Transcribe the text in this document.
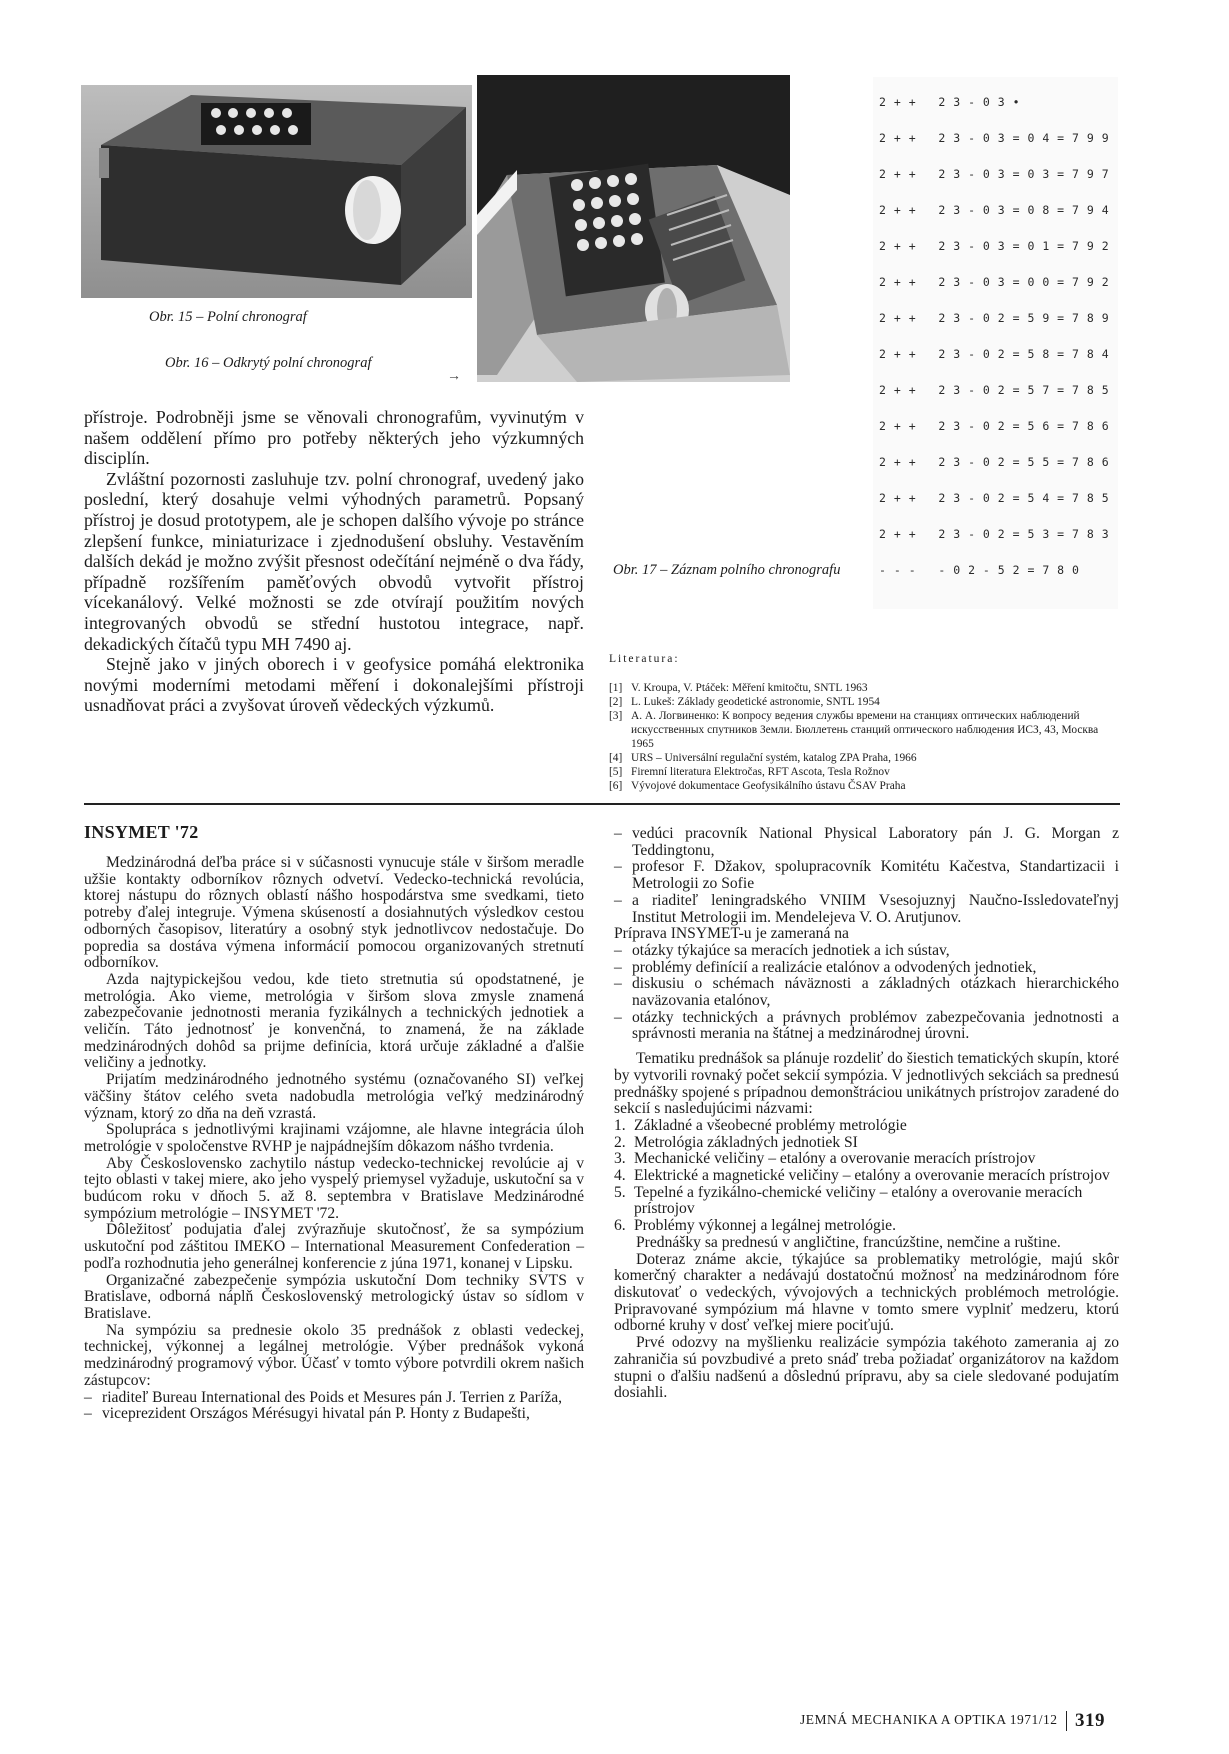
Obr. 15 – Polní chronograf
Obr. 16 – Odkrytý polní chronograf
→
2 + +   2 3 - 0 3 •
2 + +   2 3 - 0 3 = 0 4 = 7 9 9
2 + +   2 3 - 0 3 = 0 3 = 7 9 7
2 + +   2 3 - 0 3 = 0 8 = 7 9 4
2 + +   2 3 - 0 3 = 0 1 = 7 9 2
2 + +   2 3 - 0 3 = 0 0 = 7 9 2
2 + +   2 3 - 0 2 = 5 9 = 7 8 9
2 + +   2 3 - 0 2 = 5 8 = 7 8 4
2 + +   2 3 - 0 2 = 5 7 = 7 8 5
2 + +   2 3 - 0 2 = 5 6 = 7 8 6
2 + +   2 3 - 0 2 = 5 5 = 7 8 6
2 + +   2 3 - 0 2 = 5 4 = 7 8 5
2 + +   2 3 - 0 2 = 5 3 = 7 8 3
- - -   - 0 2 - 5 2 = 7 8 0
Obr. 17 – Záznam polního chronografu

přístroje. Podrobněji jsme se věnovali chronografům, vyvinutým v našem oddělení přímo pro potřeby některých jeho výzkumných disciplín.

Zvláštní pozornosti zasluhuje tzv. polní chronograf, uvedený jako poslední, který dosahuje velmi výhodných parametrů. Popsaný přístroj je dosud prototypem, ale je schopen dalšího vývoje po stránce zlepšení funkce, miniaturizace i zjednodušení obsluhy. Vestavěním dalších dekád je možno zvýšit přesnost odečítání nejméně o dva řády, případně rozšířením paměťových obvodů vytvořit přístroj vícekanálový. Velké možnosti se zde otvírají použitím nových integrovaných obvodů se střední hustotou integrace, např. dekadických čítačů typu MH 7490 aj.

Stejně jako v jiných oborech i v geofysice pomáhá elektronika novými moderními metodami měření i dokonalejšími přístroji usnadňovat práci a zvyšovat úroveň vědeckých výzkumů.

Literatura:
[1] V. Kroupa, V. Ptáček: Měření kmitočtu, SNTL 1963
[2] L. Lukeš: Základy geodetické astronomie, SNTL 1954
[3] А. А. Логвиненко: К вопросу ведения службы времени на станциях оптических наблюдений искусственных спутников Земли. Бюллетень станций оптического наблюдения ИСЗ, 43, Москва 1965
[4] URS – Universální regulační systém, katalog ZPA Praha, 1966
[5] Firemní literatura Elektročas, RFT Ascota, Tesla Rožnov
[6] Vývojové dokumentace Geofysikálního ústavu ČSAV Praha
INSYMET '72

Medzinárodná deľba práce si v súčasnosti vynucuje stále v širšom meradle užšie kontakty odborníkov rôznych odvetví. Vedecko-technická revolúcia, ktorej nástupu do rôznych oblastí nášho hospodárstva sme svedkami, tieto potreby ďalej integruje. Výmena skúseností a dosiahnutých výsledkov cestou odborných časopisov, literatúry a osobný styk jednotlivcov nedostačuje. Do popredia sa dostáva výmena informácií pomocou organizovaných stretnutí odborníkov.

Azda najtypickejšou vedou, kde tieto stretnutia sú opodstatnené, je metrológia. Ako vieme, metrológia v širšom slova zmysle znamená zabezpečovanie jednotnosti merania fyzikálnych a technických jednotiek a veličín. Táto jednotnosť je konvenčná, to znamená, že na základe medzinárodných dohôd sa prijme definícia, ktorá určuje základné a ďalšie veličiny a jednotky.

Prijatím medzinárodného jednotného systému (označovaného SI) veľkej väčšiny štátov celého sveta nadobudla metrológia veľký medzinárodný význam, ktorý zo dňa na deň vzrastá.

Spolupráca s jednotlivými krajinami vzájomne, ale hlavne integrácia úloh metrológie v spoločenstve RVHP je najpádnejším dôkazom nášho tvrdenia.

Aby Československo zachytilo nástup vedecko-technickej revolúcie aj v tejto oblasti v takej miere, ako jeho vyspelý priemysel vyžaduje, uskutoční sa v budúcom roku v dňoch 5. až 8. septembra v Bratislave Medzinárodné sympózium metrológie – INSYMET '72.

Dôležitosť podujatia ďalej zvýrazňuje skutočnosť, že sa sympózium uskutoční pod záštitou IMEKO – International Measurement Confederation – podľa rozhodnutia jeho generálnej konferencie z júna 1971, konanej v Lipsku.

Organizačné zabezpečenie sympózia uskutoční Dom techniky SVTS v Bratislave, odborná náplň Československý metrologický ústav so sídlom v Bratislave.

Na sympóziu sa prednesie okolo 35 prednášok z oblasti vedeckej, technickej, výkonnej a legálnej metrológie. Výber prednášok vykoná medzinárodný programový výbor. Účasť v tomto výbore potvrdili okrem našich zástupcov:

– riaditeľ Bureau International des Poids et Mesures pán J. Terrien z Paríža,
– viceprezident Országos Mérésugyi hivatal pán P. Honty z Budapešti,
– vedúci pracovník National Physical Laboratory pán J. G. Morgan z Teddingtonu,
– profesor F. Džakov, spolupracovník Komitétu Kačestva, Standartizacii i Metrologii zo Sofie
– a riaditeľ leningradského VNIIM Vsesojuznyj Naučno-Issledovateľnyj Institut Metrologii im. Mendelejeva V. O. Arutjunov.

Príprava INSYMET-u je zameraná na

– otázky týkajúce sa meracích jednotiek a ich sústav,
– problémy definícií a realizácie etalónov a odvodených jednotiek,
– diskusiu o schémach náväznosti a základných otázkach hierarchického naväzovania etalónov,
– otázky technických a právnych problémov zabezpečovania jednotnosti a správnosti merania na štátnej a medzinárodnej úrovni.

Tematiku prednášok sa plánuje rozdeliť do šiestich tematických skupín, ktoré by vytvorili rovnaký počet sekcií sympózia. V jednotlivých sekciách sa prednesú prednášky spojené s prípadnou demonštráciou unikátnych prístrojov zaradené do sekcií s nasledujúcimi názvami:

1. Základné a všeobecné problémy metrológie
2. Metrológia základných jednotiek SI
3. Mechanické veličiny – etalóny a overovanie meracích prístrojov
4. Elektrické a magnetické veličiny – etalóny a overovanie meracích prístrojov
5. Tepelné a fyzikálno-chemické veličiny – etalóny a overovanie meracích prístrojov
6. Problémy výkonnej a legálnej metrológie.

Prednášky sa prednesú v angličtine, francúzštine, nemčine a ruštine.

Doteraz známe akcie, týkajúce sa problematiky metrológie, majú skôr komerčný charakter a nedávajú dostatočnú možnosť na medzinárodnom fóre diskutovať o vedeckých, vývojových a technických problémoch metrológie. Pripravované sympózium má hlavne v tomto smere vyplniť medzeru, ktorú odborné kruhy v dosť veľkej miere pociťujú.

Prvé odozvy na myšlienku realizácie sympózia takéhoto zamerania aj zo zahraničia sú povzbudivé a preto snáď treba požiadať organizátorov na každom stupni o ďalšiu nadšenú a dôslednú prípravu, aby sa ciele sledované podujatím dosiahli.

JEMNÁ MECHANIKA A OPTIKA 1971/12 319
